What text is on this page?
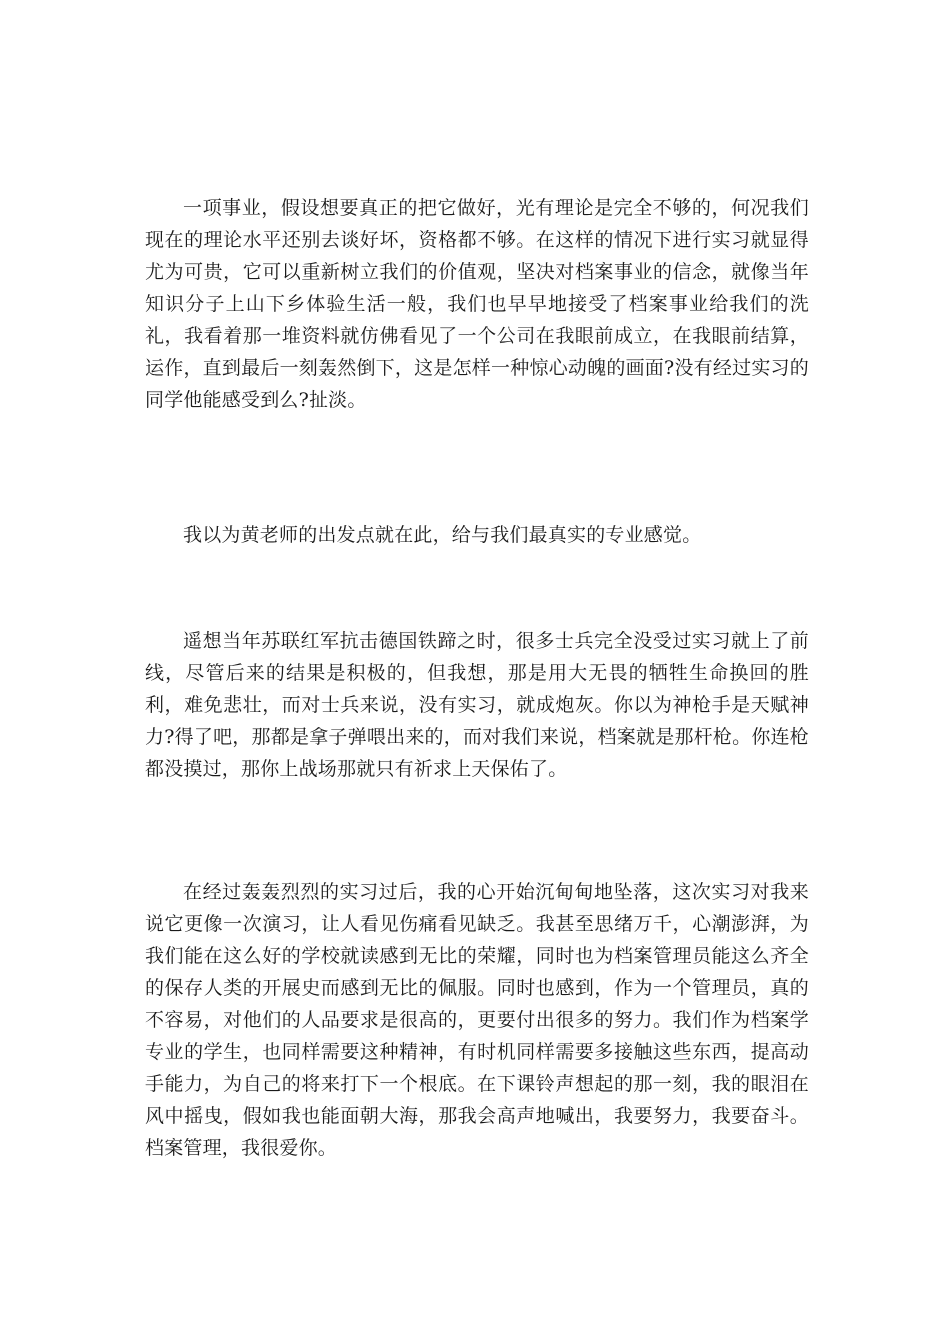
一项事业，假设想要真正的把它做好，光有理论是完全不够的，何况我们现在的理论水平还别去谈好坏，资格都不够。在这样的情况下进行实习就显得尤为可贵，它可以重新树立我们的价值观，坚决对档案事业的信念，就像当年知识分子上山下乡体验生活一般，我们也早早地接受了档案事业给我们的洗礼，我看着那一堆资料就仿佛看见了一个公司在我眼前成立，在我眼前结算，运作，直到最后一刻轰然倒下，这是怎样一种惊心动魄的画面?没有经过实习的同学他能感受到么?扯淡。

我以为黄老师的出发点就在此，给与我们最真实的专业感觉。

遥想当年苏联红军抗击德国铁蹄之时，很多士兵完全没受过实习就上了前线，尽管后来的结果是积极的，但我想，那是用大无畏的牺牲生命换回的胜利，难免悲壮，而对士兵来说，没有实习，就成炮灰。你以为神枪手是天赋神力?得了吧，那都是拿子弹喂出来的，而对我们来说，档案就是那杆枪。你连枪都没摸过，那你上战场那就只有祈求上天保佑了。

在经过轰轰烈烈的实习过后，我的心开始沉甸甸地坠落，这次实习对我来说它更像一次演习，让人看见伤痛看见缺乏。我甚至思绪万千，心潮澎湃，为我们能在这么好的学校就读感到无比的荣耀，同时也为档案管理员能这么齐全的保存人类的开展史而感到无比的佩服。同时也感到，作为一个管理员，真的不容易，对他们的人品要求是很高的，更要付出很多的努力。我们作为档案学专业的学生，也同样需要这种精神，有时机同样需要多接触这些东西，提高动手能力，为自己的将来打下一个根底。在下课铃声想起的那一刻，我的眼泪在风中摇曳，假如我也能面朝大海，那我会高声地喊出，我要努力，我要奋斗。档案管理，我很爱你。
